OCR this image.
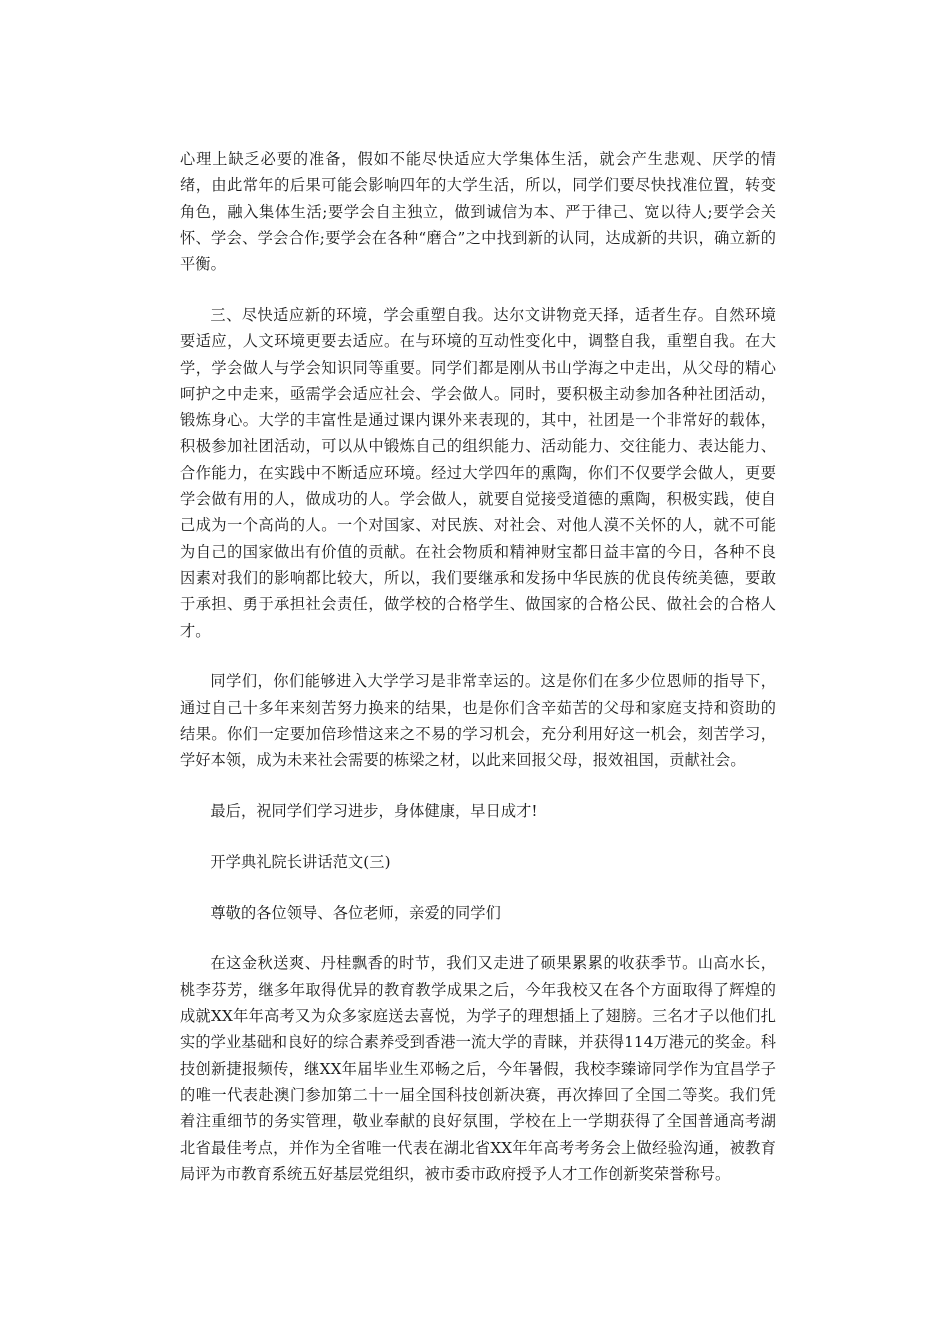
心理上缺乏必要的准备，假如不能尽快适应大学集体生活，就会产生悲观、厌学的情绪，由此常年的后果可能会影响四年的大学生活，所以，同学们要尽快找准位置，转变角色，融入集体生活;要学会自主独立，做到诚信为本、严于律己、宽以待人;要学会关怀、学会、学会合作;要学会在各种“磨合”之中找到新的认同，达成新的共识，确立新的平衡。

三、尽快适应新的环境，学会重塑自我。达尔文讲物竞天择，适者生存。自然环境要适应，人文环境更要去适应。在与环境的互动性变化中，调整自我，重塑自我。在大学，学会做人与学会知识同等重要。同学们都是刚从书山学海之中走出，从父母的精心呵护之中走来，亟需学会适应社会、学会做人。同时，要积极主动参加各种社团活动，锻炼身心。大学的丰富性是通过课内课外来表现的，其中，社团是一个非常好的载体，积极参加社团活动，可以从中锻炼自己的组织能力、活动能力、交往能力、表达能力、合作能力，在实践中不断适应环境。经过大学四年的熏陶，你们不仅要学会做人，更要学会做有用的人，做成功的人。学会做人，就要自觉接受道德的熏陶，积极实践，使自己成为一个高尚的人。一个对国家、对民族、对社会、对他人漠不关怀的人，就不可能为自己的国家做出有价值的贡献。在社会物质和精神财宝都日益丰富的今日，各种不良因素对我们的影响都比较大，所以，我们要继承和发扬中华民族的优良传统美德，要敢于承担、勇于承担社会责任，做学校的合格学生、做国家的合格公民、做社会的合格人才。

同学们，你们能够进入大学学习是非常幸运的。这是你们在多少位恩师的指导下，通过自己十多年来刻苦努力换来的结果，也是你们含辛茹苦的父母和家庭支持和资助的结果。你们一定要加倍珍惜这来之不易的学习机会，充分利用好这一机会，刻苦学习，学好本领，成为未来社会需要的栋梁之材，以此来回报父母，报效祖国，贡献社会。

最后，祝同学们学习进步，身体健康，早日成才!

开学典礼院长讲话范文(三)

尊敬的各位领导、各位老师，亲爱的同学们

在这金秋送爽、丹桂飘香的时节，我们又走进了硕果累累的收获季节。山高水长，桃李芬芳，继多年取得优异的教育教学成果之后，今年我校又在各个方面取得了辉煌的成就XX年年高考又为众多家庭送去喜悦，为学子的理想插上了翅膀。三名才子以他们扎实的学业基础和良好的综合素养受到香港一流大学的青睐，并获得114万港元的奖金。科技创新捷报频传，继XX年届毕业生邓畅之后，今年暑假，我校李臻谛同学作为宜昌学子的唯一代表赴澳门参加第二十一届全国科技创新决赛，再次捧回了全国二等奖。我们凭着注重细节的务实管理，敬业奉献的良好氛围，学校在上一学期获得了全国普通高考湖北省最佳考点，并作为全省唯一代表在湖北省XX年年高考考务会上做经验沟通，被教育局评为市教育系统五好基层党组织，被市委市政府授予人才工作创新奖荣誉称号。
